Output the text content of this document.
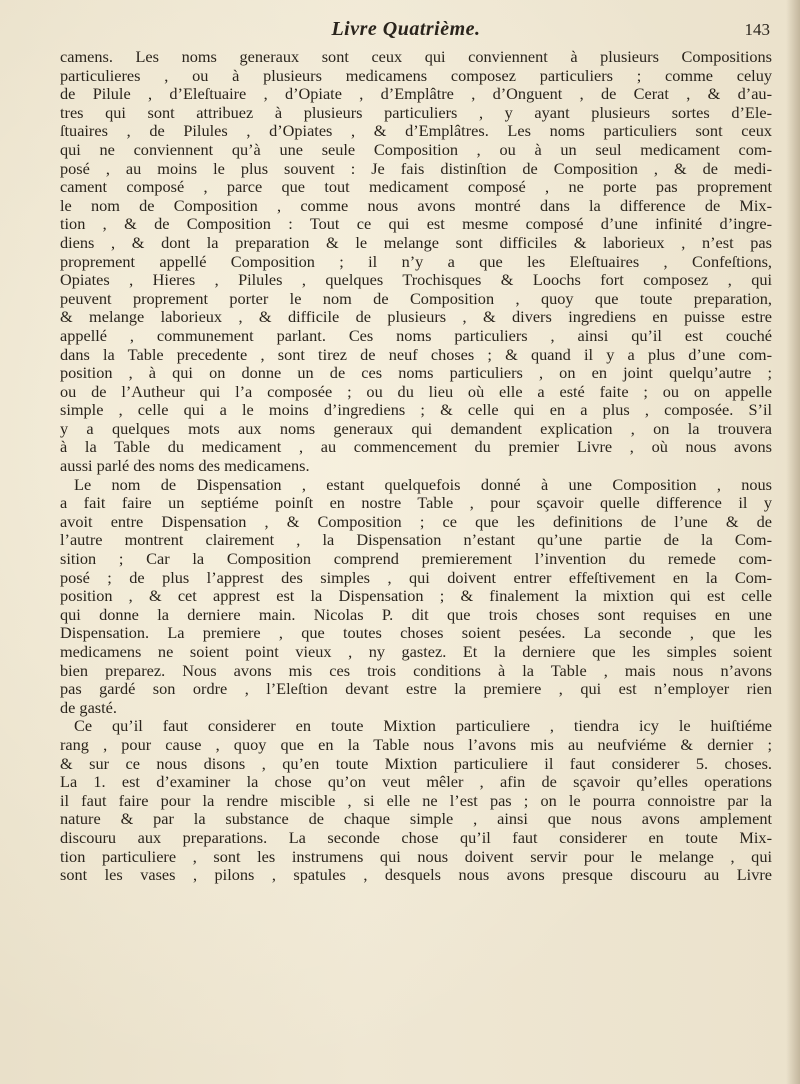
Livre Quatrième.	143
camens. Les noms generaux sont ceux qui conviennent à plusieurs Compositions
particulieres , ou à plusieurs medicamens composez particuliers ; comme celuy
de Pilule , d’Eleſtuaire , d’Opiate , d’Emplâtre , d’Onguent , de Cerat , & d’au-
tres qui sont attribuez à plusieurs particuliers , y ayant plusieurs sortes d’Ele-
ſtuaires , de Pilules , d’Opiates , & d’Emplâtres. Les noms particuliers sont ceux
qui ne conviennent qu’à une seule Composition , ou à un seul medicament com-
posé , au moins le plus souvent : Je fais distinſtion de Composition , & de medi-
cament composé , parce que tout medicament composé , ne porte pas proprement
le nom de Composition , comme nous avons montré dans la difference de Mix-
tion , & de Composition : Tout ce qui est mesme composé d’une infinité d’ingre-
diens , & dont la preparation & le melange sont difficiles & laborieux , n’est pas
proprement appellé Composition ; il n’y a que les Eleſtuaires , Confeſtions,
Opiates , Hieres , Pilules , quelques Trochisques & Loochs fort composez , qui
peuvent proprement porter le nom de Composition , quoy que toute preparation,
& melange laborieux , & difficile de plusieurs , & divers ingrediens en puisse estre
appellé , communement parlant. Ces noms particuliers , ainsi qu’il est couché
dans la Table precedente , sont tirez de neuf choses ; & quand il y a plus d’une com-
position , à qui on donne un de ces noms particuliers , on en joint quelqu’autre ;
ou de l’Autheur qui l’a composée ; ou du lieu où elle a esté faite ; ou on appelle
simple , celle qui a le moins d’ingrediens ; & celle qui en a plus , composée. S’il
y a quelques mots aux noms generaux qui demandent explication , on la trouvera
à la Table du medicament , au commencement du premier Livre , où nous avons
aussi parlé des noms des medicamens.
Le nom de Dispensation , estant quelquefois donné à une Composition , nous
a fait faire un septiéme poinſt en nostre Table , pour sçavoir quelle difference il y
avoit entre Dispensation , & Composition ; ce que les definitions de l’une & de
l’autre montrent clairement , la Dispensation n’estant qu’une partie de la Com-
sition ; Car la Composition comprend premierement l’invention du remede com-
posé ; de plus l’apprest des simples , qui doivent entrer effeſtivement en la Com-
position , & cet apprest est la Dispensation ; & finalement la mixtion qui est celle
qui donne la derniere main. Nicolas P. dit que trois choses sont requises en une
Dispensation. La premiere , que toutes choses soient pesées. La seconde , que les
medicamens ne soient point vieux , ny gastez. Et la derniere que les simples soient
bien preparez. Nous avons mis ces trois conditions à la Table , mais nous n’avons
pas gardé son ordre , l’Eleſtion devant estre la premiere , qui est n’employer rien
de gasté.
Ce qu’il faut considerer en toute Mixtion particuliere , tiendra icy le huiſtiéme
rang , pour cause , quoy que en la Table nous l’avons mis au neufviéme & dernier ;
& sur ce nous disons , qu’en toute Mixtion particuliere il faut considerer 5. choses.
La 1. est d’examiner la chose qu’on veut mêler , afin de sçavoir qu’elles operations
il faut faire pour la rendre miscible , si elle ne l’est pas ; on le pourra connoistre par la
nature & par la substance de chaque simple , ainsi que nous avons amplement
discouru aux preparations. La seconde chose qu’il faut considerer en toute Mix-
tion particuliere , sont les instrumens qui nous doivent servir pour le melange , qui
sont les vases , pilons , spatules , desquels nous avons presque discouru au Livre
